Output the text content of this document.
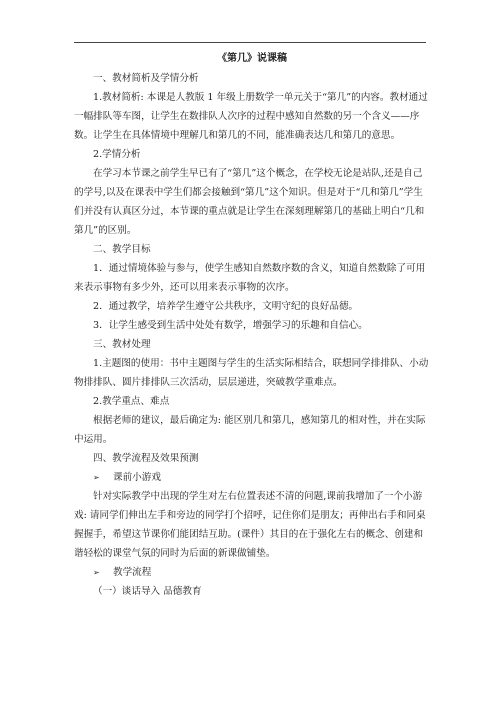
《第几》说课稿

一、教材简析及学情分析

1.教材简析: 本课是人教版 1 年级上册数学一单元关于“第几”的内容。教材通过一幅排队等车图，让学生在数排队人次序的过程中感知自然数的另一个含义——序数。让学生在具体情境中理解几和第几的不同，能准确表达几和第几的意思。

2.学情分析

在学习本节课之前学生早已有了“第几”这个概念，在学校无论是站队,还是自己的学号,以及在课表中学生们都会接触到“第几”这个知识。但是对于“几和第几”学生们并没有认真区分过，本节课的重点就是让学生在深刻理解第几的基础上明白“几和第几”的区别。

二、教学目标

1．通过情境体验与参与，使学生感知自然数序数的含义，知道自然数除了可用来表示事物有多少外，还可以用来表示事物的次序。

2．通过教学，培养学生遵守公共秩序，文明守纪的良好品德。

3．让学生感受到生活中处处有数学，增强学习的乐趣和自信心。

三、教材处理

1.主题图的使用：书中主题图与学生的生活实际相结合，联想同学排排队、小动物排排队、圆片排排队三次活动，层层递进，突破教学重难点。

2.教学重点、难点

根据老师的建议，最后确定为: 能区别几和第几，感知第几的相对性，并在实际中运用。

四、教学流程及效果预测

➢ 课前小游戏

针对实际教学中出现的学生对左右位置表述不清的问题,课前我增加了一个小游戏: 请同学们伸出左手和旁边的同学打个招呼，记住你们是朋友；再伸出右手和同桌握握手，希望这节课你们能团结互助。(课件）其目的在于强化左右的概念、创建和谐轻松的课堂气氛的同时为后面的新课做铺垫。

➢ 教学流程

（一）谈话导入 品德教育
